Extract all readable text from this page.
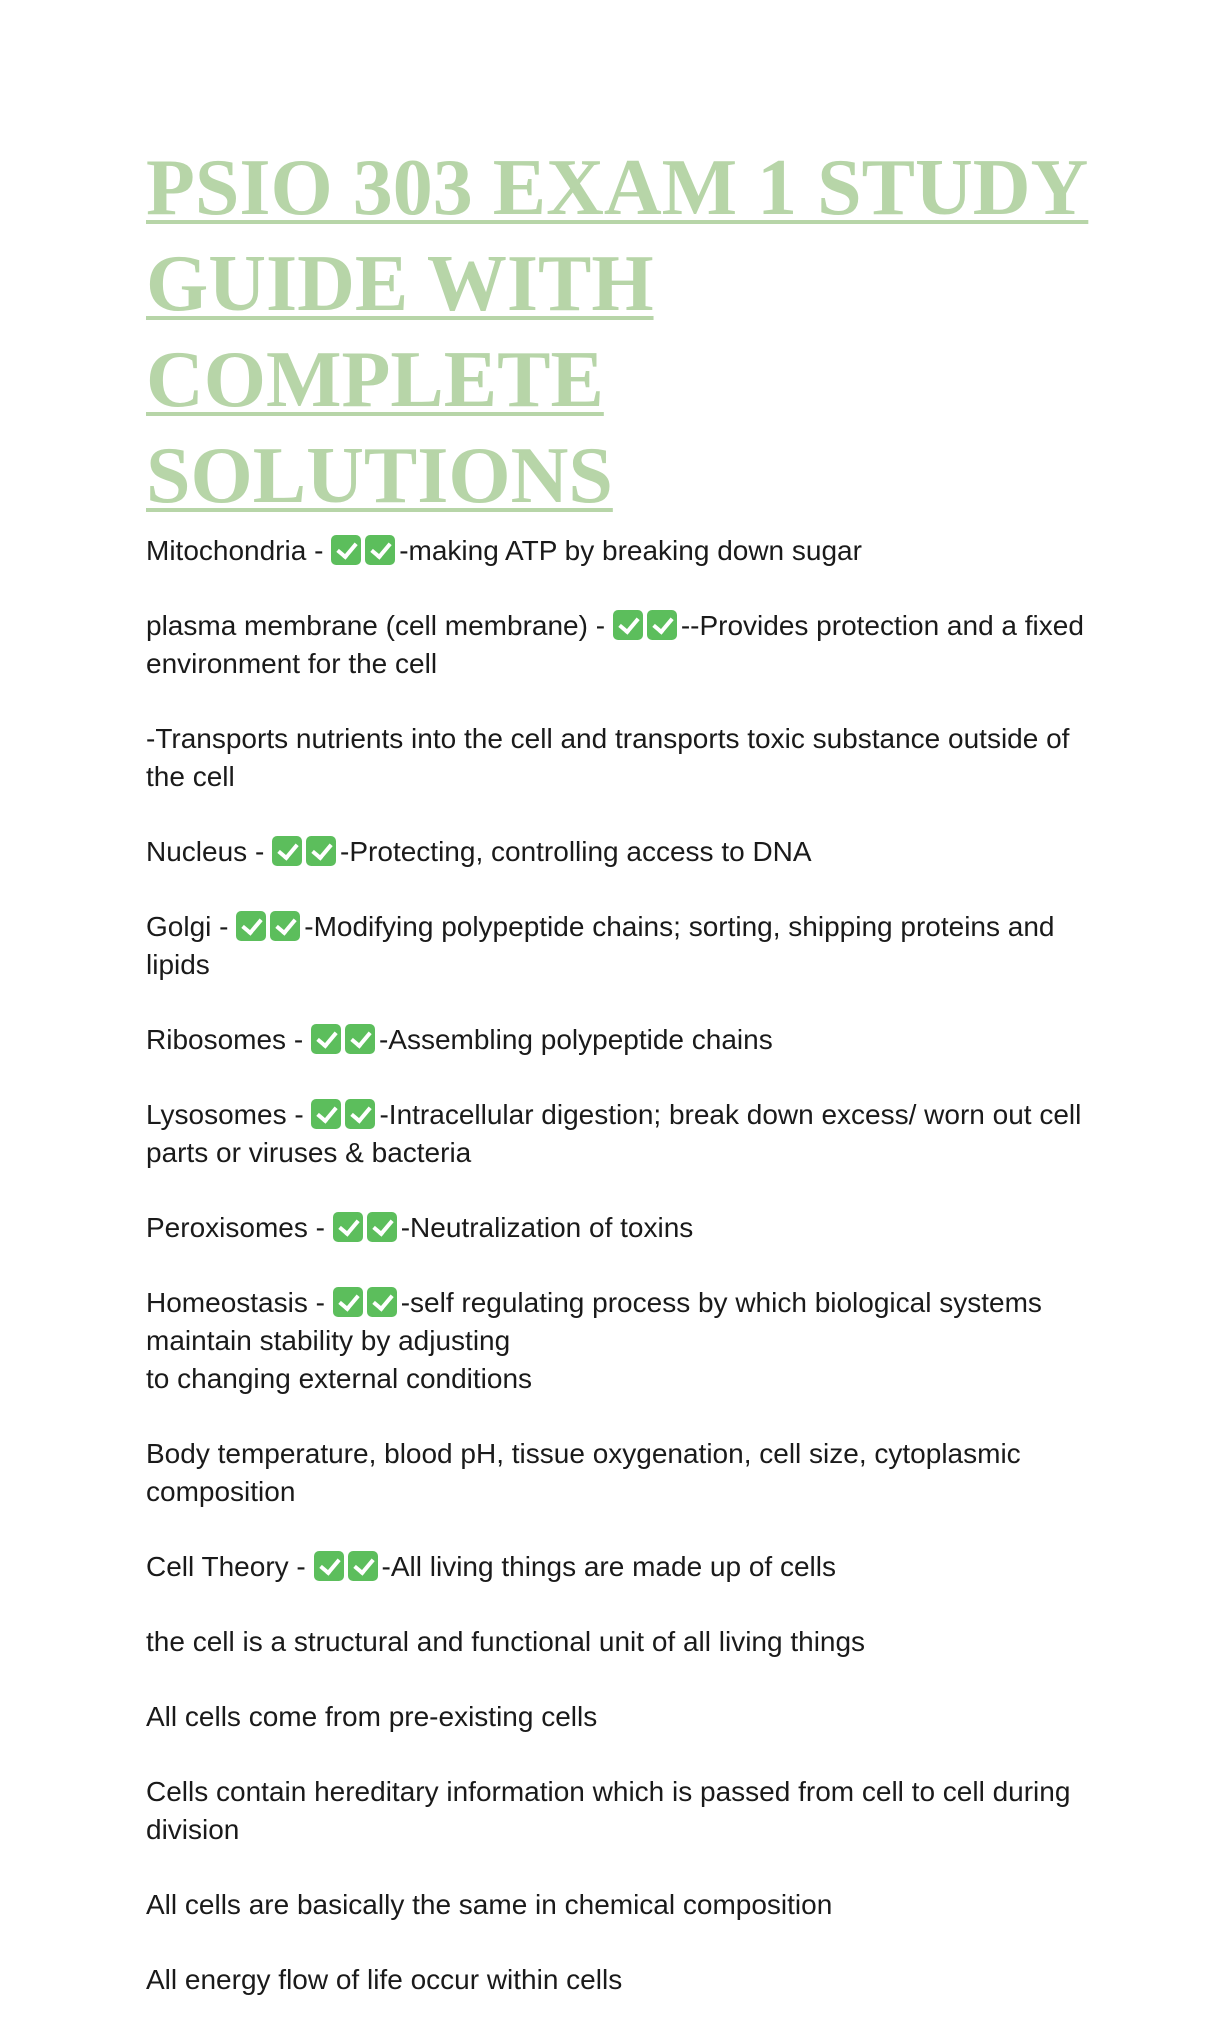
PSIO 303 EXAM 1 STUDY
GUIDE WITH COMPLETE
SOLUTIONS

Mitochondria - -making ATP by breaking down sugar

plasma membrane (cell membrane) - --Provides protection and a fixed environment for the cell

-Transports nutrients into the cell and transports toxic substance outside of the cell

Nucleus - -Protecting, controlling access to DNA

Golgi - -Modifying polypeptide chains; sorting, shipping proteins and lipids

Ribosomes - -Assembling polypeptide chains

Lysosomes - -Intracellular digestion; break down excess/ worn out cell parts or viruses & bacteria

Peroxisomes - -Neutralization of toxins

Homeostasis - -self regulating process by which biological systems maintain stability by adjusting

to changing external conditions

Body temperature, blood pH, tissue oxygenation, cell size, cytoplasmic composition

Cell Theory - -All living things are made up of cells

the cell is a structural and functional unit of all living things

All cells come from pre-existing cells

Cells contain hereditary information which is passed from cell to cell during division

All cells are basically the same in chemical composition

All energy flow of life occur within cells
